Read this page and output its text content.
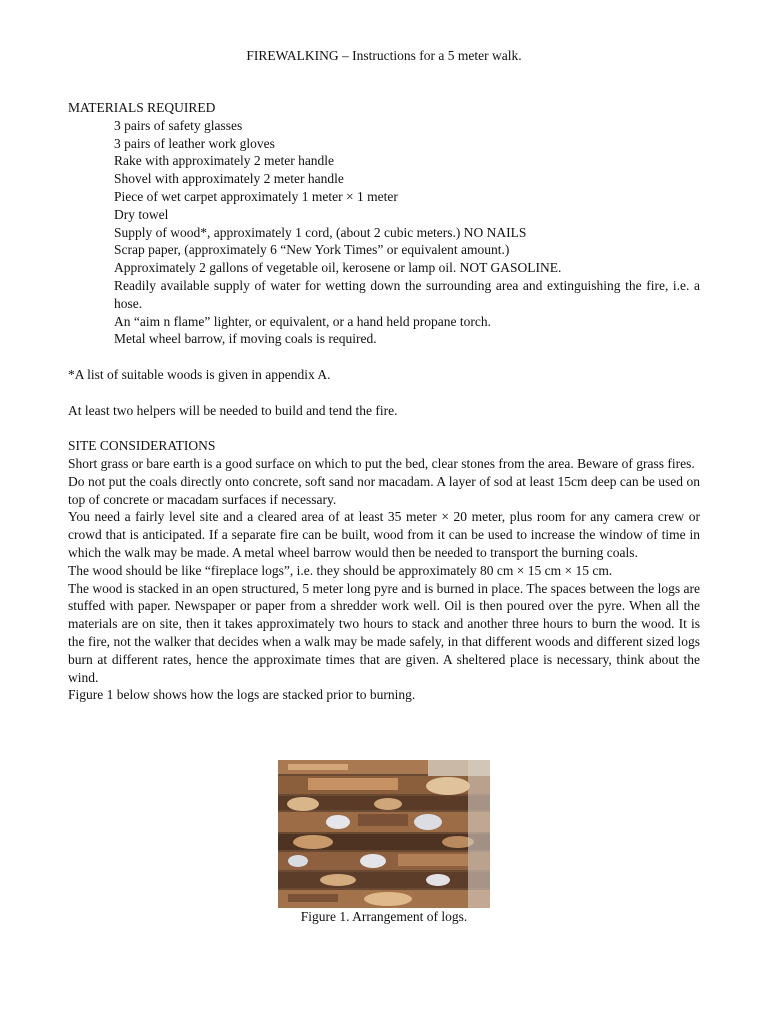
FIREWALKING – Instructions for a 5 meter walk.

MATERIALS REQUIRED

3 pairs of safety glasses
3 pairs of leather work gloves
Rake with approximately 2 meter handle
Shovel with approximately 2 meter handle
Piece of wet carpet approximately 1 meter × 1 meter
Dry towel
Supply of wood*, approximately 1 cord, (about 2 cubic meters.) NO NAILS
Scrap paper, (approximately 6 “New York Times” or equivalent amount.)
Approximately 2 gallons of vegetable oil, kerosene or lamp oil. NOT GASOLINE.
Readily available supply of water for wetting down the surrounding area and extinguishing the fire, i.e. a hose.
An “aim n flame” lighter, or equivalent, or a hand held propane torch.
Metal wheel barrow, if moving coals is required.

*A list of suitable woods is given in appendix A.

At least two helpers will be needed to build and tend the fire.

SITE CONSIDERATIONS

Short grass or bare earth is a good surface on which to put the bed, clear stones from the area. Beware of grass fires.

Do not put the coals directly onto concrete, soft sand nor macadam. A layer of sod at least 15cm deep can be used on top of concrete or macadam surfaces if necessary.

You need a fairly level site and a cleared area of at least 35 meter × 20 meter, plus room for any camera crew or crowd that is anticipated. If a separate fire can be built, wood from it can be used to increase the window of time in which the walk may be made. A metal wheel barrow would then be needed to transport the burning coals.

The wood should be like “fireplace logs”, i.e. they should be approximately 80 cm × 15 cm × 15 cm.

The wood is stacked in an open structured, 5 meter long pyre and is burned in place. The spaces between the logs are stuffed with paper. Newspaper or paper from a shredder work well. Oil is then poured over the pyre. When all the materials are on site, then it takes approximately two hours to stack and another three hours to burn the wood. It is the fire, not the walker that decides when a walk may be made safely, in that different woods and different sized logs burn at different rates, hence the approximate times that are given. A sheltered place is necessary, think about the wind.

Figure 1 below shows how the logs are stacked prior to burning.

Figure 1. Arrangement of logs.
